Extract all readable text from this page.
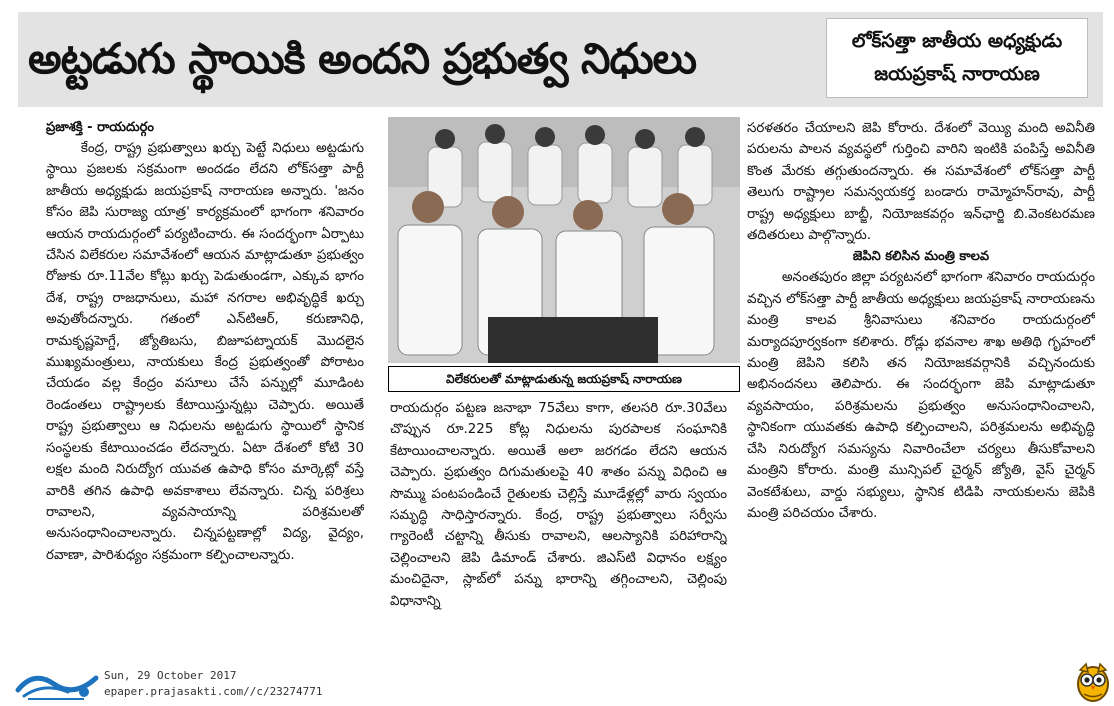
అట్టడుగు స్థాయికి అందని ప్రభుత్వ నిధులు	లోక్‌సత్తా జాతీయ అధ్యక్షుడు
జయప్రకాష్ నారాయణ
ప్రజాశక్తి - రాయదుర్గం

కేంద్ర, రాష్ట్ర ప్రభుత్వాలు ఖర్చు పెట్టే నిధులు అట్టడుగు స్థాయి ప్రజలకు సక్రమంగా అందడం లేదని లోక్‌సత్తా పార్టీ జాతీయ అధ్యక్షుడు జయప్రకాష్ నారాయణ అన్నారు. 'జనం కోసం జెపి సురాజ్య యాత్ర' కార్యక్రమంలో భాగంగా శనివారం ఆయన రాయదుర్గంలో పర్యటించారు. ఈ సందర్భంగా ఏర్పాటు చేసిన విలేకరుల సమావేశంలో ఆయన మాట్లాడుతూ ప్రభుత్వం రోజుకు రూ.11వేల కోట్లు ఖర్చు పెడుతుండగా, ఎక్కువ భాగం దేశ, రాష్ట్ర రాజధానులు, మహా నగరాల అభివృద్ధికే ఖర్చు అవుతోందన్నారు. గతంలో ఎన్‌టిఆర్, కరుణానిధి, రామకృష్ణహెగ్డే, జ్యోతిబసు, బిజూపట్నాయక్ మొదలైన ముఖ్యమంత్రులు, నాయకులు కేంద్ర ప్రభుత్వంతో పోరాటం చేయడం వల్ల కేంద్రం వసూలు చేసే పన్నుల్లో మూడింట రెండంతలు రాష్ట్రాలకు కేటాయిస్తున్నట్లు చెప్పారు. అయితే రాష్ట్ర ప్రభుత్వాలు ఆ నిధులను అట్టడుగు స్థాయిలో స్థానిక సంస్థలకు కేటాయించడం లేదన్నారు. ఏటా దేశంలో కోటి 30 లక్షల మంది నిరుద్యోగ యువత ఉపాధి కోసం మార్కెట్లో వస్తే వారికి తగిన ఉపాధి అవకాశాలు లేవన్నారు. చిన్న పరిశ్రలు రావాలని, వ్యవసాయాన్ని పరిశ్రమలతో అనుసంధానించాలన్నారు. చిన్నపట్టణాల్లో విద్య, వైద్యం, రవాణా, పారిశుధ్యం సక్రమంగా కల్పించాలన్నారు.

విలేకరులతో మాట్లాడుతున్న జయప్రకాష్ నారాయణ

రాయదుర్గం పట్టణ జనాభా 75వేలు కాగా, తలసరి రూ.30వేలు చొప్పున రూ.225 కోట్ల నిధులను పురపాలక సంఘానికి కేటాయించాలన్నారు. అయితే అలా జరగడం లేదని ఆయన చెప్పారు. ప్రభుత్వం దిగుమతులపై 40 శాతం పన్ను విధించి ఆ సొమ్ము పంటపండించే రైతులకు చెల్లిస్తే మూడేళ్లల్లో వారు స్వయం సమృద్ధి సాధిస్తారన్నారు. కేంద్ర, రాష్ట్ర ప్రభుత్వాలు సర్వీసు గ్యారెంటీ చట్టాన్ని తీసుకు రావాలని, ఆలస్యానికి పరిహారాన్ని చెల్లించాలని జెపి డిమాండ్ చేశారు. జిఎస్‌టి విధానం లక్ష్యం మంచిదైనా, స్లాబ్‌లో పన్ను భారాన్ని తగ్గించాలని, చెల్లింపు విధానాన్ని

సరళతరం చేయాలని జెపి కోరారు. దేశంలో వెయ్యి మంది అవినీతి పరులను పాలన వ్యవస్థలో గుర్తించి వారిని ఇంటికి పంపిస్తే అవినీతి కొంత మేరకు తగ్గుతుందన్నారు. ఈ సమావేశంలో లోక్‌సత్తా పార్టీ తెలుగు రాష్ట్రాల సమన్వయకర్త బండారు రామ్మోహన్‌రావు, పార్టీ రాష్ట్ర అధ్యక్షులు బాబ్జీ, నియోజకవర్గం ఇన్‌ఛార్జి బి.వెంకటరమణ తదితరులు పాల్గొన్నారు.

జెపిని కలిసిన మంత్రి కాలవ

అనంతపురం జిల్లా పర్యటనలో భాగంగా శనివారం రాయదుర్గం వచ్చిన లోక్‌సత్తా పార్టీ జాతీయ అధ్యక్షులు జయప్రకాష్ నారాయణను మంత్రి కాలవ శ్రీనివాసులు శనివారం రాయదుర్గంలో మర్యాదపూర్వకంగా కలిశారు. రోడ్లు భవనాల శాఖ అతిథి గృహంలో మంత్రి జెపిని కలిసి తన నియోజకవర్గానికి వచ్చినందుకు అభినందనలు తెలిపారు. ఈ సందర్భంగా జెపి మాట్లాడుతూ వ్యవసాయం, పరిశ్రమలను ప్రభుత్వం అనుసంధానించాలని, స్థానికంగా యువతకు ఉపాధి కల్పించాలని, పరిశ్రమలను అభివృద్ధి చేసి నిరుద్యోగ సమస్యను నివారించేలా చర్యలు తీసుకోవాలని మంత్రిని కోరారు. మంత్రి మున్సిపల్ చైర్మన్ జ్యోతి, వైస్ చైర్మన్ వెంకటేశులు, వార్డు సభ్యులు, స్థానిక టిడిపి నాయకులను జెపికి మంత్రి పరిచయం చేశారు.

Sun, 29 October 2017
epaper.prajasakti.com//c/23274771
